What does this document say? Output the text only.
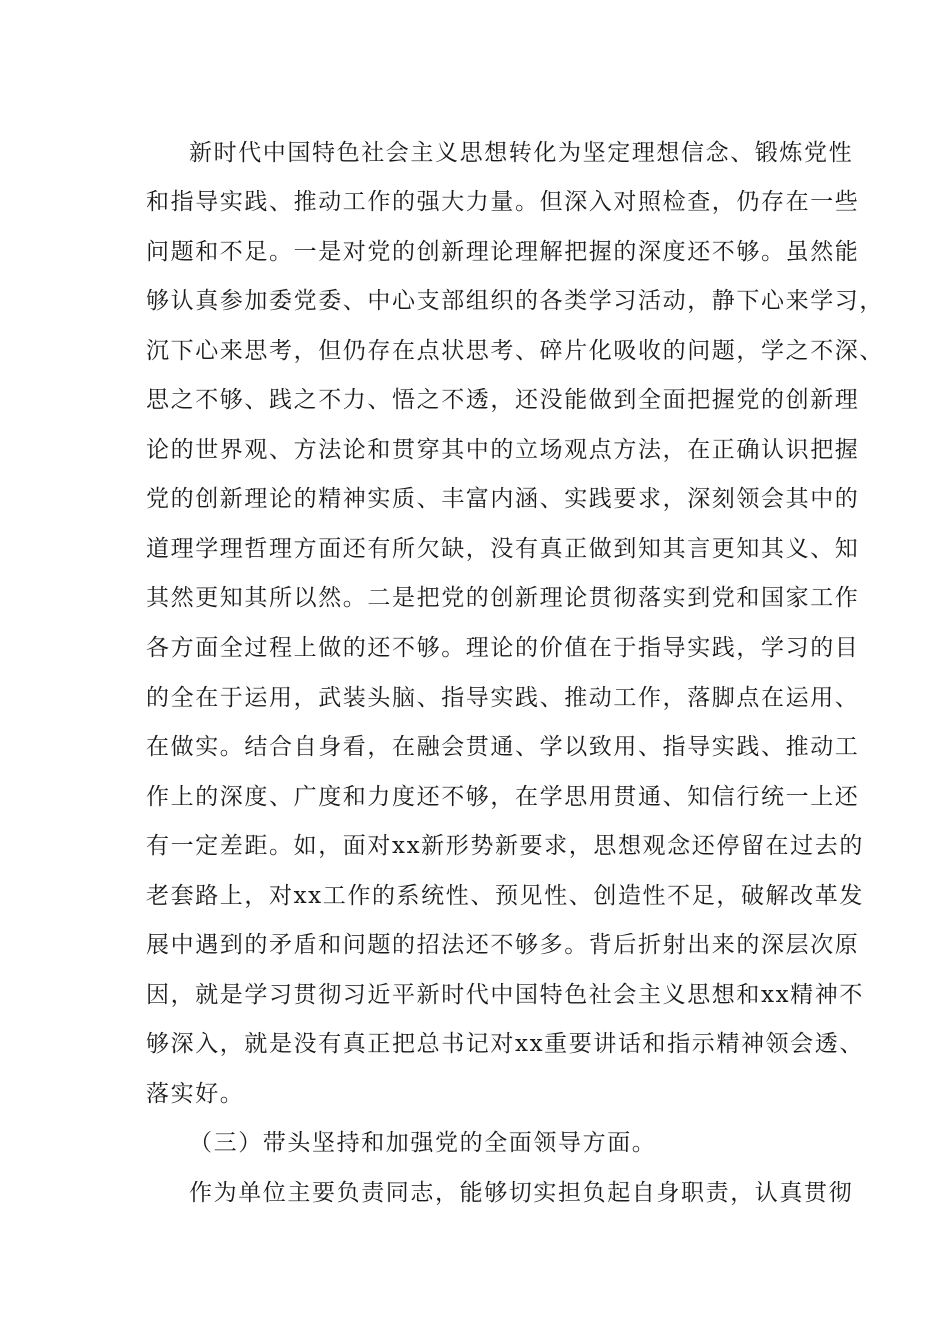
新时代中国特色社会主义思想转化为坚定理想信念、锻炼党性
和指导实践、推动工作的强大力量。但深入对照检查，仍存在一些
问题和不足。一是对党的创新理论理解把握的深度还不够。虽然能
够认真参加委党委、中心支部组织的各类学习活动，静下心来学习，
沉下心来思考，但仍存在点状思考、碎片化吸收的问题，学之不深、
思之不够、践之不力、悟之不透，还没能做到全面把握党的创新理
论的世界观、方法论和贯穿其中的立场观点方法，在正确认识把握
党的创新理论的精神实质、丰富内涵、实践要求，深刻领会其中的
道理学理哲理方面还有所欠缺，没有真正做到知其言更知其义、知
其然更知其所以然。二是把党的创新理论贯彻落实到党和国家工作
各方面全过程上做的还不够。理论的价值在于指导实践，学习的目
的全在于运用，武装头脑、指导实践、推动工作，落脚点在运用、
在做实。结合自身看，在融会贯通、学以致用、指导实践、推动工
作上的深度、广度和力度还不够，在学思用贯通、知信行统一上还
有一定差距。如，面对xx新形势新要求，思想观念还停留在过去的
老套路上，对xx工作的系统性、预见性、创造性不足，破解改革发
展中遇到的矛盾和问题的招法还不够多。背后折射出来的深层次原
因，就是学习贯彻习近平新时代中国特色社会主义思想和xx精神不
够深入，就是没有真正把总书记对xx重要讲话和指示精神领会透、
落实好。
（三）带头坚持和加强党的全面领导方面。
作为单位主要负责同志，能够切实担负起自身职责，认真贯彻
